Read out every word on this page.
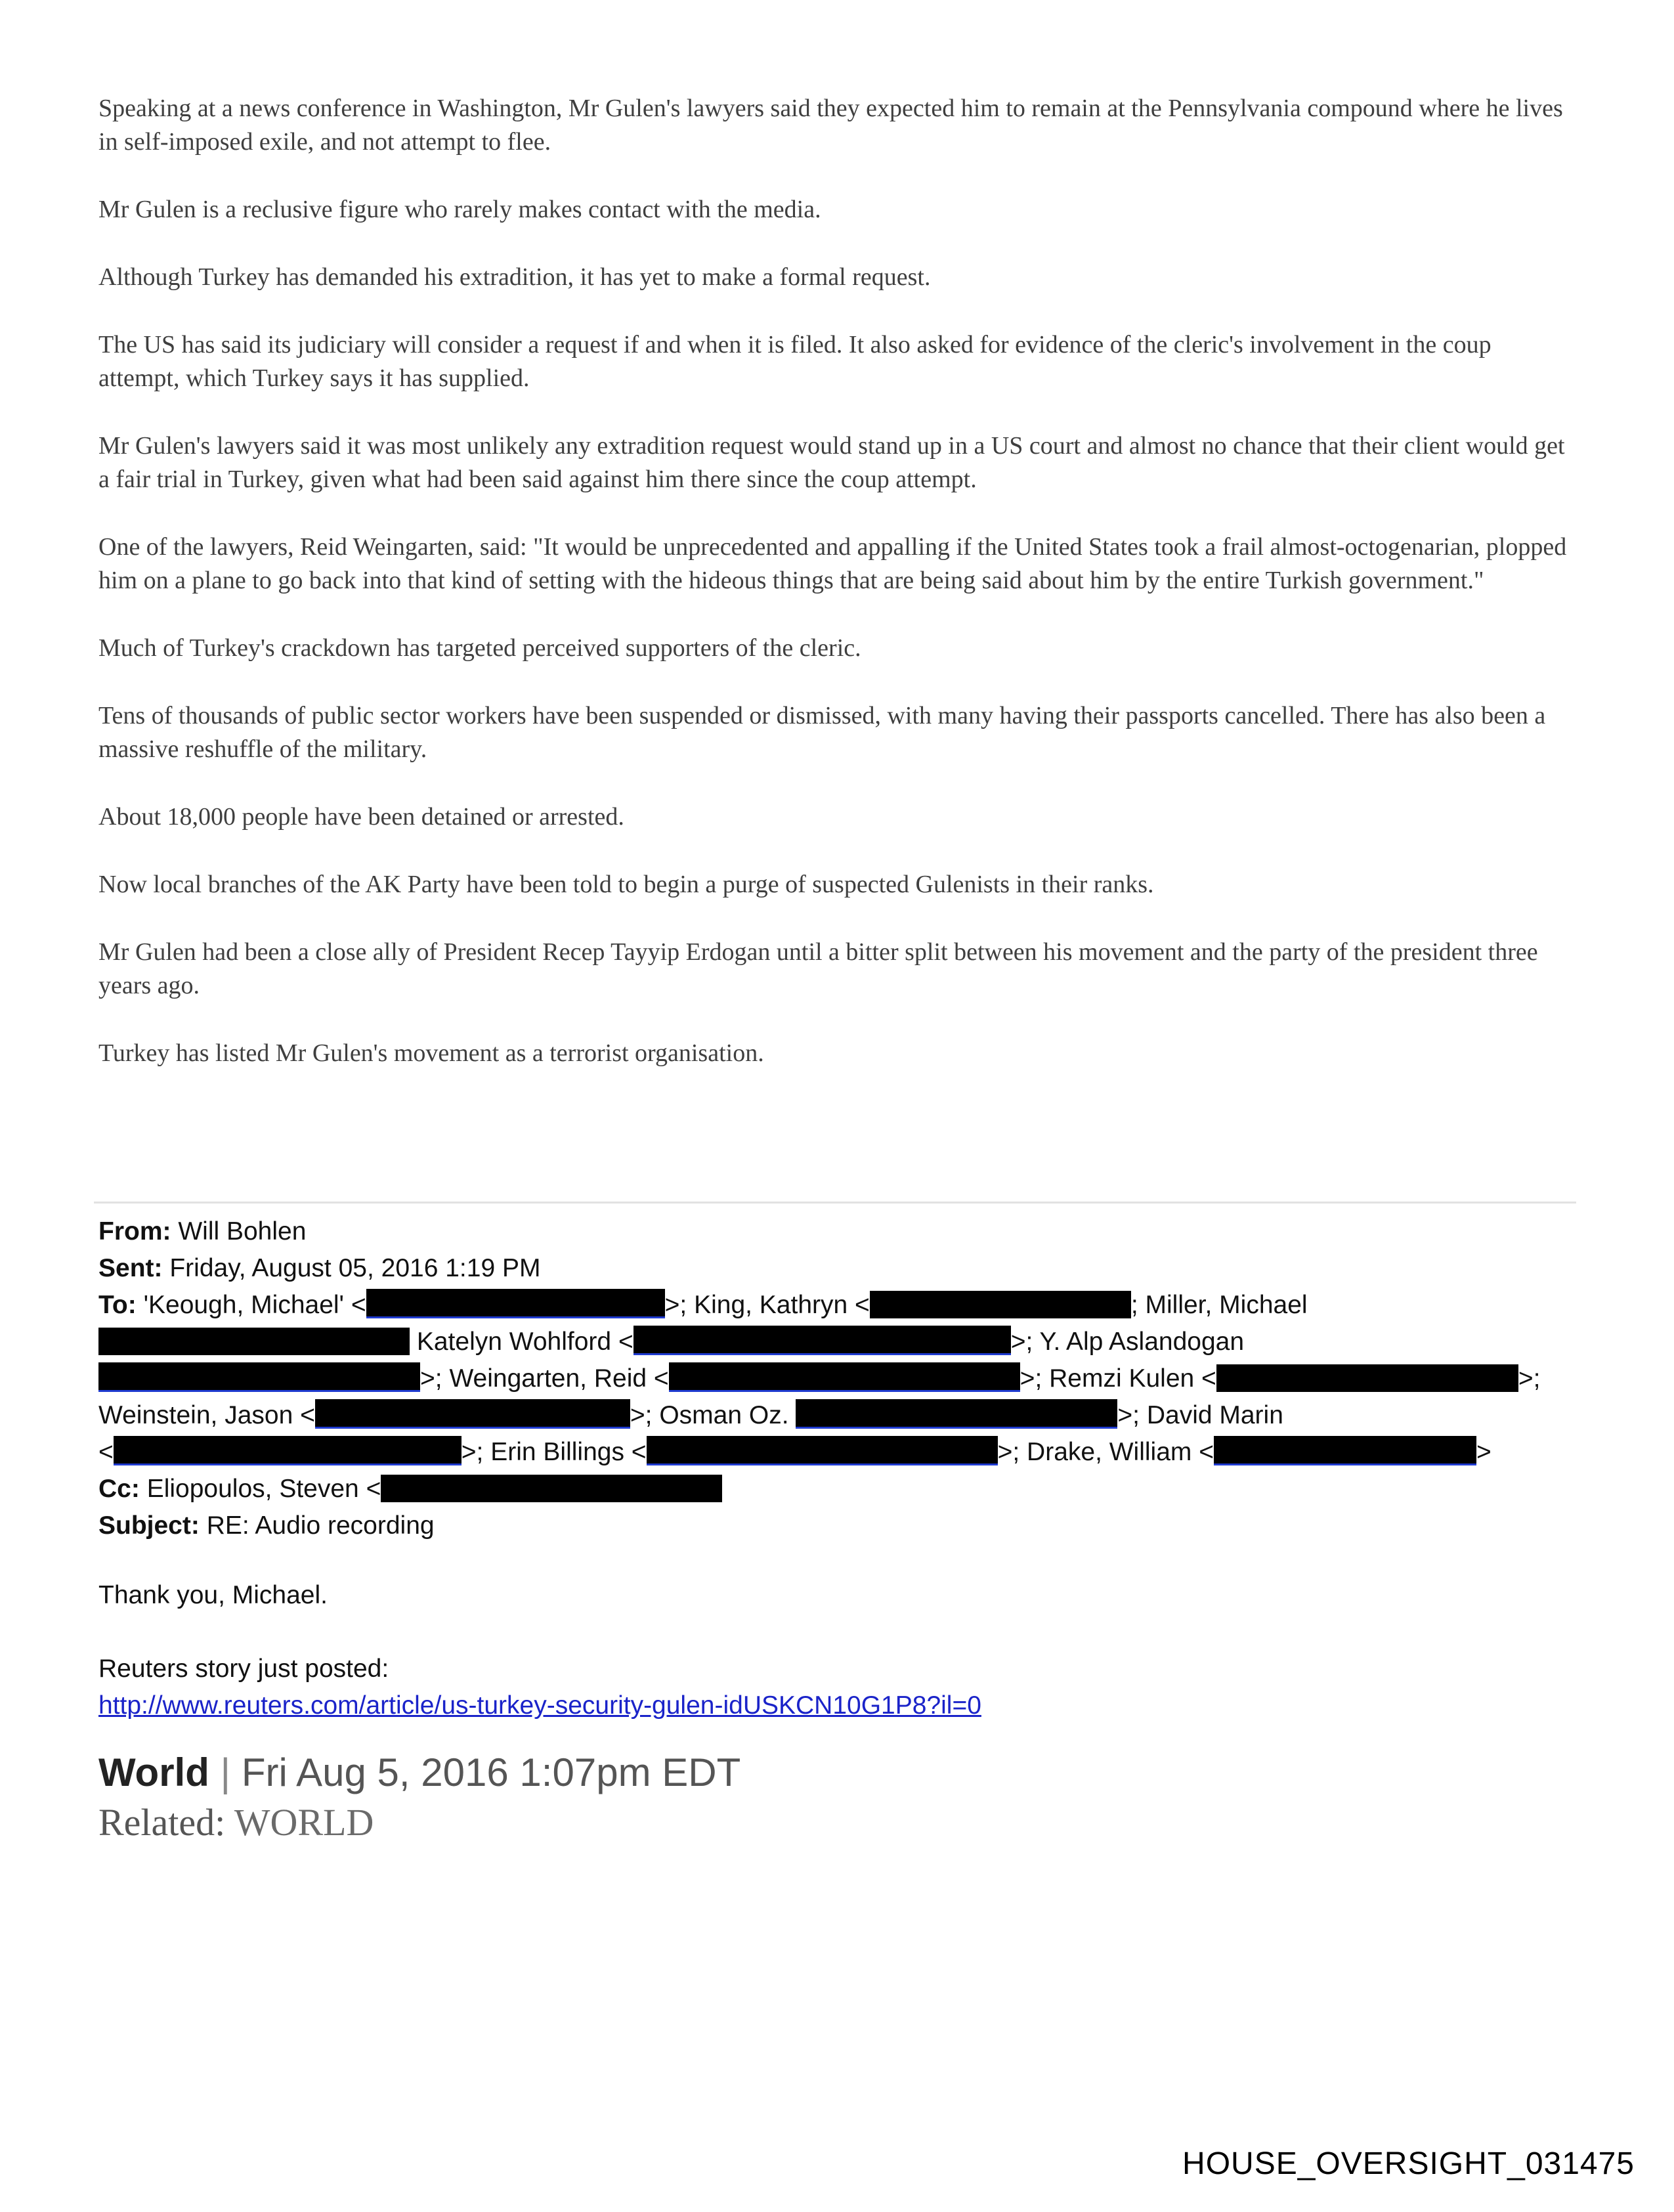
Speaking at a news conference in Washington, Mr Gulen's lawyers said they expected him to remain at the Pennsylvania compound where he lives in self-imposed exile, and not attempt to flee.

Mr Gulen is a reclusive figure who rarely makes contact with the media.

Although Turkey has demanded his extradition, it has yet to make a formal request.

The US has said its judiciary will consider a request if and when it is filed. It also asked for evidence of the cleric's involvement in the coup attempt, which Turkey says it has supplied.

Mr Gulen's lawyers said it was most unlikely any extradition request would stand up in a US court and almost no chance that their client would get a fair trial in Turkey, given what had been said against him there since the coup attempt.

One of the lawyers, Reid Weingarten, said: "It would be unprecedented and appalling if the United States took a frail almost-octogenarian, plopped him on a plane to go back into that kind of setting with the hideous things that are being said about him by the entire Turkish government."

Much of Turkey's crackdown has targeted perceived supporters of the cleric.

Tens of thousands of public sector workers have been suspended or dismissed, with many having their passports cancelled. There has also been a massive reshuffle of the military.

About 18,000 people have been detained or arrested.

Now local branches of the AK Party have been told to begin a purge of suspected Gulenists in their ranks.

Mr Gulen had been a close ally of President Recep Tayyip Erdogan until a bitter split between his movement and the party of the president three years ago.

Turkey has listed Mr Gulen's movement as a terrorist organisation.

From: Will Bohlen
Sent: Friday, August 05, 2016 1:19 PM
To: 'Keough, Michael' <	>; King, Kathryn <	; Miller, Michael
Katelyn Wohlford <	>; Y. Alp Aslandogan
>; Weingarten, Reid <	>; Remzi Kulen <	>;
Weinstein, Jason <	>; Osman Oz.	>; David Marin
<	>; Erin Billings <	>; Drake, William <	>
Cc: Eliopoulos, Steven <
Subject: RE: Audio recording

Thank you, Michael.

Reuters story just posted:

http://www.reuters.com/article/us-turkey-security-gulen-idUSKCN10G1P8?il=0
World | Fri Aug 5, 2016 1:07pm EDT
Related: WORLD
HOUSE_OVERSIGHT_031475
